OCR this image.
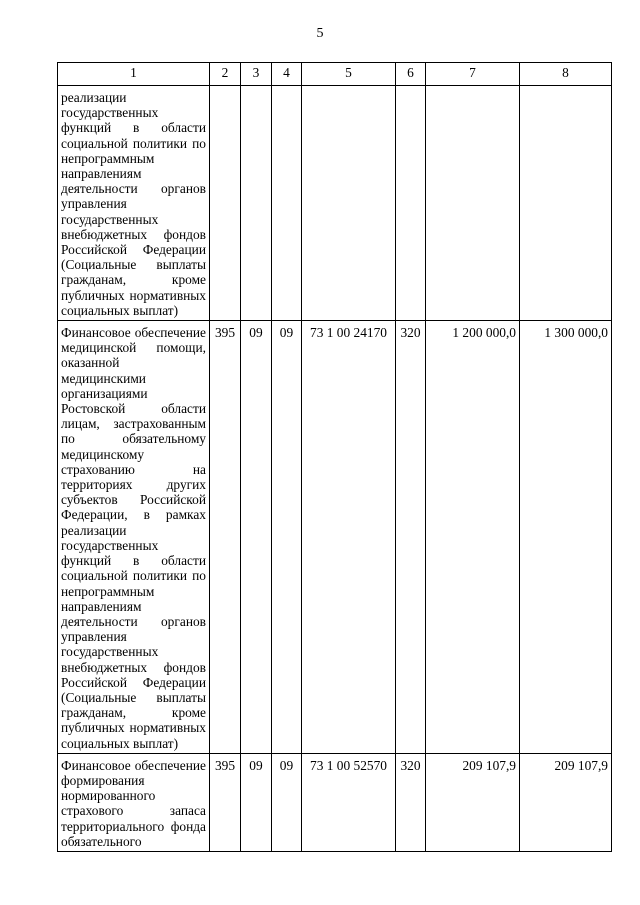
5
1	2	3	4	5	6	7	8
реализации государственных функций в области социальной политики по непрограммным направлениям деятельности органов управления государственных внебюджетных фондов Российской Федерации (Социальные выплаты гражданам, кроме публичных нормативных социальных выплат)							
Финансовое обеспечение медицинской помощи, оказанной медицинскими организациями Ростовской области лицам, застрахованным по обязательному медицинскому страхованию на территориях других субъектов Российской Федерации, в рамках реализации государственных функций в области социальной политики по непрограммным направлениям деятельности органов управления государственных внебюджетных фондов Российской Федерации (Социальные выплаты гражданам, кроме публичных нормативных социальных выплат)	395	09	09	73 1 00 24170	320	1 200 000,0	1 300 000,0
Финансовое обеспечение формирования нормированного страхового запаса территориального фонда обязательного	395	09	09	73 1 00 52570	320	209 107,9	209 107,9
